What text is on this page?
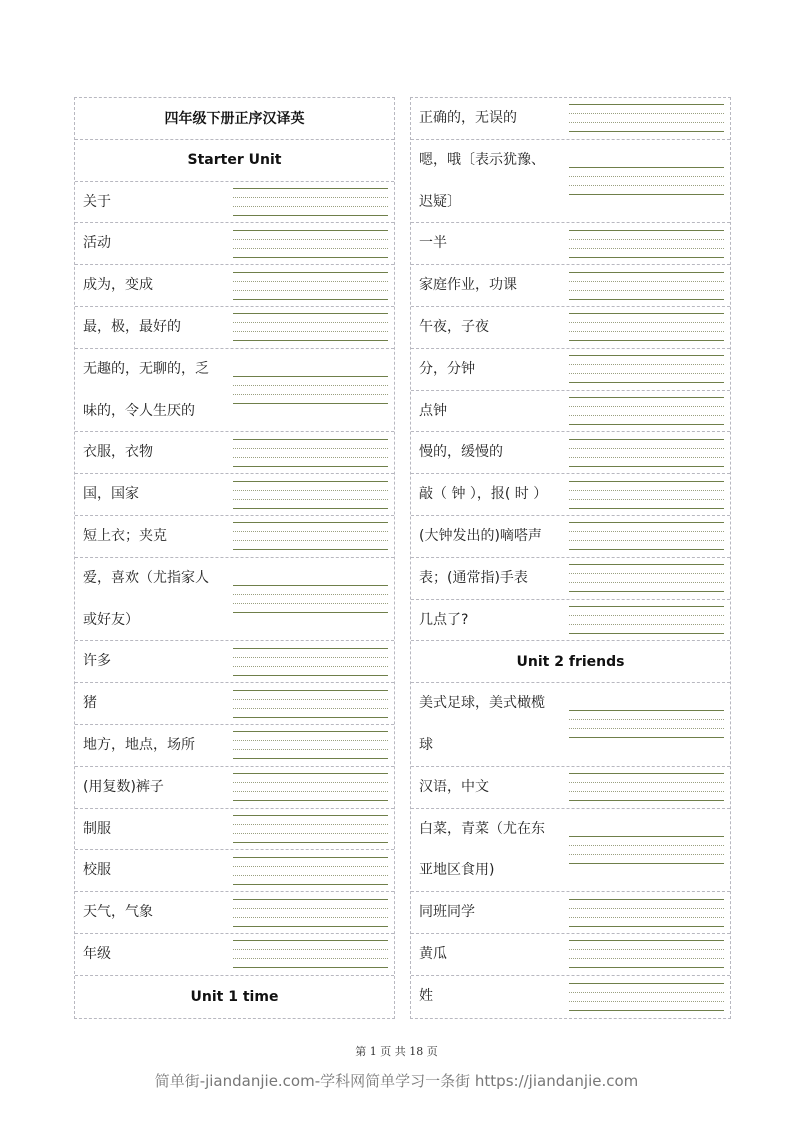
四年级下册正序汉译英
Starter Unit
关于
活动
成为，变成
最，极，最好的
无趣的，无聊的，乏
味的，令人生厌的
衣服，衣物
国，国家
短上衣；夹克
爱，喜欢（尤指家人
或好友）
许多
猪
地方，地点，场所
(用复数)裤子
制服
校服
天气，气象
年级
Unit 1 time
正确的，无误的
嗯，哦〔表示犹豫、
迟疑〕
一半
家庭作业，功课
午夜，子夜
分，分钟
点钟
慢的，缓慢的
敲（ 钟 ），报( 时 ）
(大钟发出的)嘀嗒声
表；(通常指)手表
几点了?
Unit 2 friends
美式足球，美式橄榄
球
汉语，中文
白菜，青菜（尤在东
亚地区食用)
同班同学
黄瓜
姓
第 1 页 共 18 页
简单街-jiandanjie.com-学科网简单学习一条街 https://jiandanjie.com
